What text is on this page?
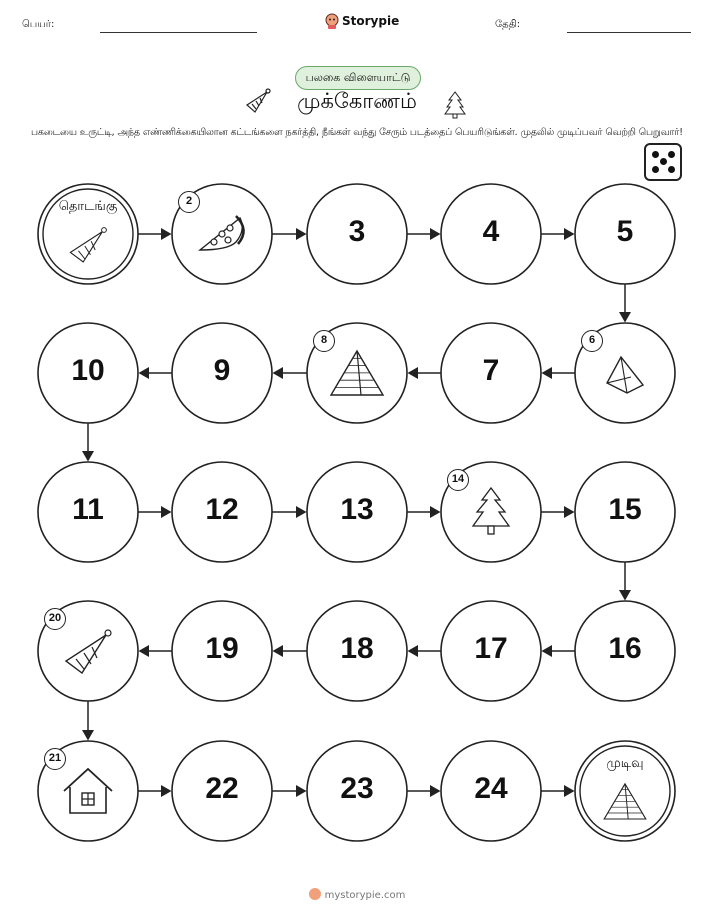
பெயர்:	Storypie	தேதி:
பலகை விளையாட்டு
முக்கோணம்
பகடையை உருட்டி, அந்த எண்ணிக்கையிலான கட்டங்களை நகர்த்தி, நீங்கள் வந்து சேரும் படத்தைப் பெயரிடுங்கள். முதலில் முடிப்பவர் வெற்றி பெறுவார்!
தொடங்கு
முடிவு
2
3	4	5
6
7
8
9
10
11	12	13
14
15
16
17
18
19
20
21
22	23	24
mystorypie.com
